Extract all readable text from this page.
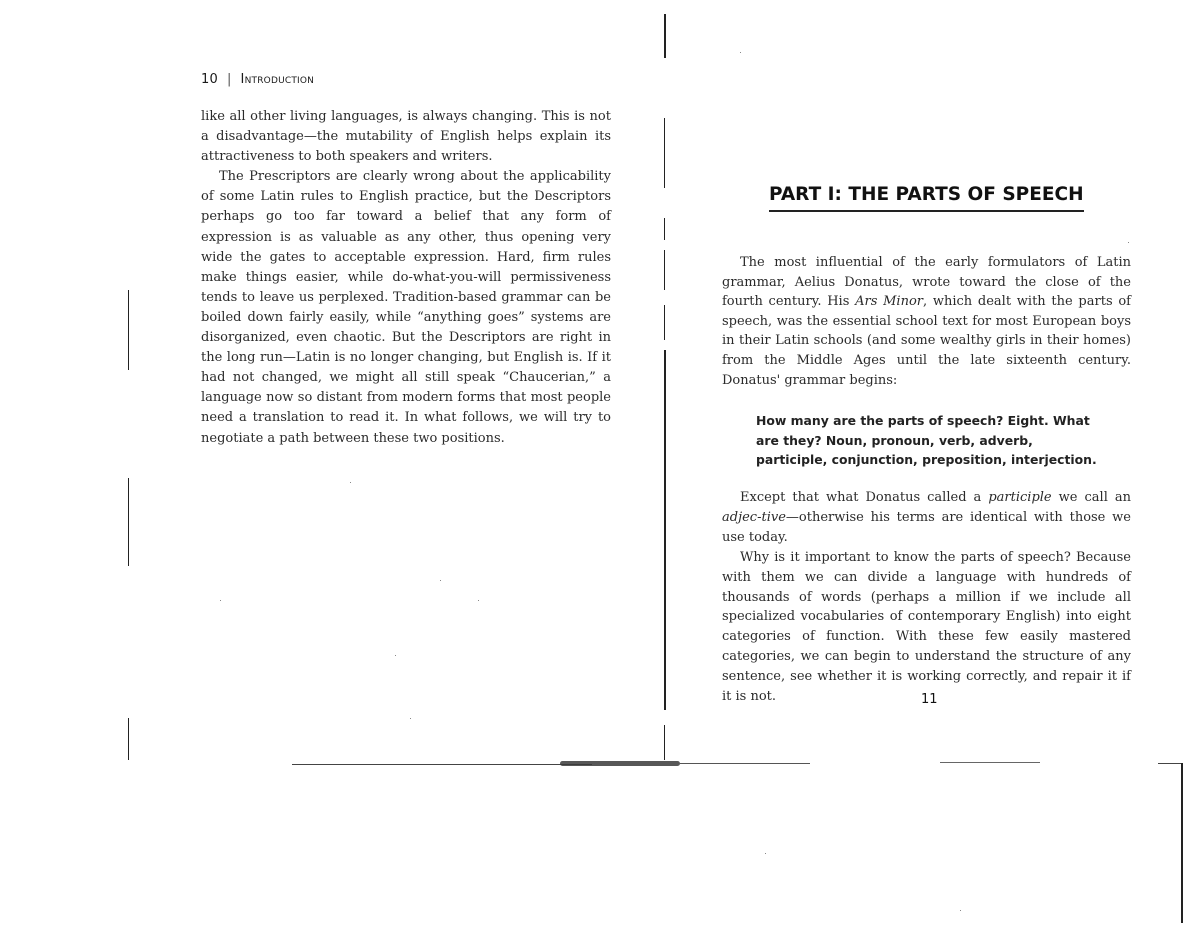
10 | Introduction

like all other living languages, is always changing. This is not a disadvantage—the mutability of English helps explain its attractiveness to both speakers and writers.

The Prescriptors are clearly wrong about the applicability of some Latin rules to English practice, but the Descriptors perhaps go too far toward a belief that any form of expression is as valuable as any other, thus opening very wide the gates to acceptable expression. Hard, firm rules make things easier, while do-what-you-will permissiveness tends to leave us perplexed. Tradition-based grammar can be boiled down fairly easily, while “anything goes” systems are disorganized, even chaotic. But the Descriptors are right in the long run—Latin is no longer changing, but English is. If it had not changed, we might all still speak “Chaucerian,” a language now so distant from modern forms that most people need a translation to read it. In what follows, we will try to negotiate a path between these two positions.

PART I: THE PARTS OF SPEECH

The most influential of the early formulators of Latin grammar, Aelius Donatus, wrote toward the close of the fourth century. His Ars Minor, which dealt with the parts of speech, was the essential school text for most European boys in their Latin schools (and some wealthy girls in their homes) from the Middle Ages until the late sixteenth century. Donatus' grammar begins:

How many are the parts of speech? Eight. What are they? Noun, pronoun, verb, adverb, participle, conjunction, preposition, interjection.

Except that what Donatus called a participle we call an adjec-tive—otherwise his terms are identical with those we use today.

Why is it important to know the parts of speech? Because with them we can divide a language with hundreds of thousands of words (perhaps a million if we include all specialized vocabularies of contemporary English) into eight categories of function. With these few easily mastered categories, we can begin to understand the structure of any sentence, see whether it is working correctly, and repair it if it is not.	11
